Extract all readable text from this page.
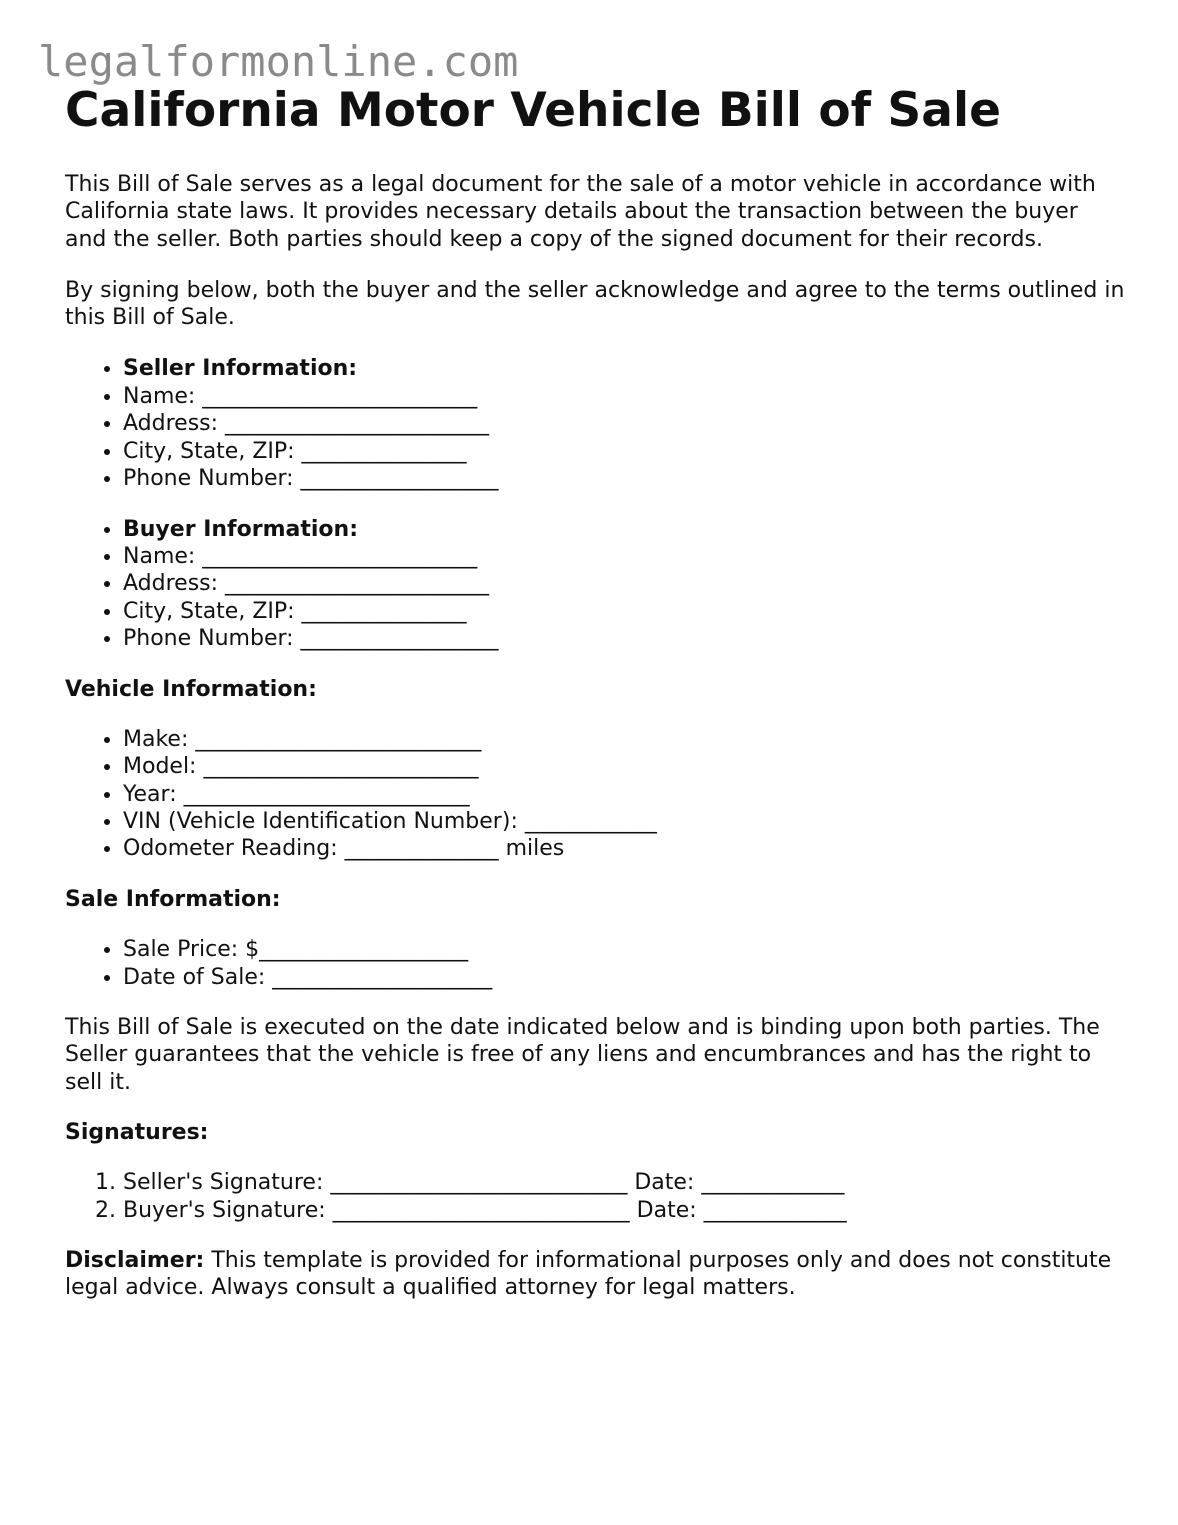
legalformonline.com
California Motor Vehicle Bill of Sale

This Bill of Sale serves as a legal document for the sale of a motor vehicle in accordance with California state laws. It provides necessary details about the transaction between the buyer and the seller. Both parties should keep a copy of the signed document for their records.

By signing below, both the buyer and the seller acknowledge and agree to the terms outlined in this Bill of Sale.

• Seller Information:
• Name: _________________________
• Address: ________________________
• City, State, ZIP: _______________
• Phone Number: __________________
• Buyer Information:
• Name: _________________________
• Address: ________________________
• City, State, ZIP: _______________
• Phone Number: __________________
Vehicle Information:
• Make: __________________________
• Model: _________________________
• Year: __________________________
• VIN (Vehicle Identification Number): ____________
• Odometer Reading: ______________ miles
Sale Information:
• Sale Price: $___________________
• Date of Sale: ____________________

This Bill of Sale is executed on the date indicated below and is binding upon both parties. The Seller guarantees that the vehicle is free of any liens and encumbrances and has the right to sell it.

Signatures:
1. Seller's Signature: ___________________________ Date: _____________
2. Buyer's Signature: ___________________________ Date: _____________

Disclaimer: This template is provided for informational purposes only and does not constitute legal advice. Always consult a qualified attorney for legal matters.
